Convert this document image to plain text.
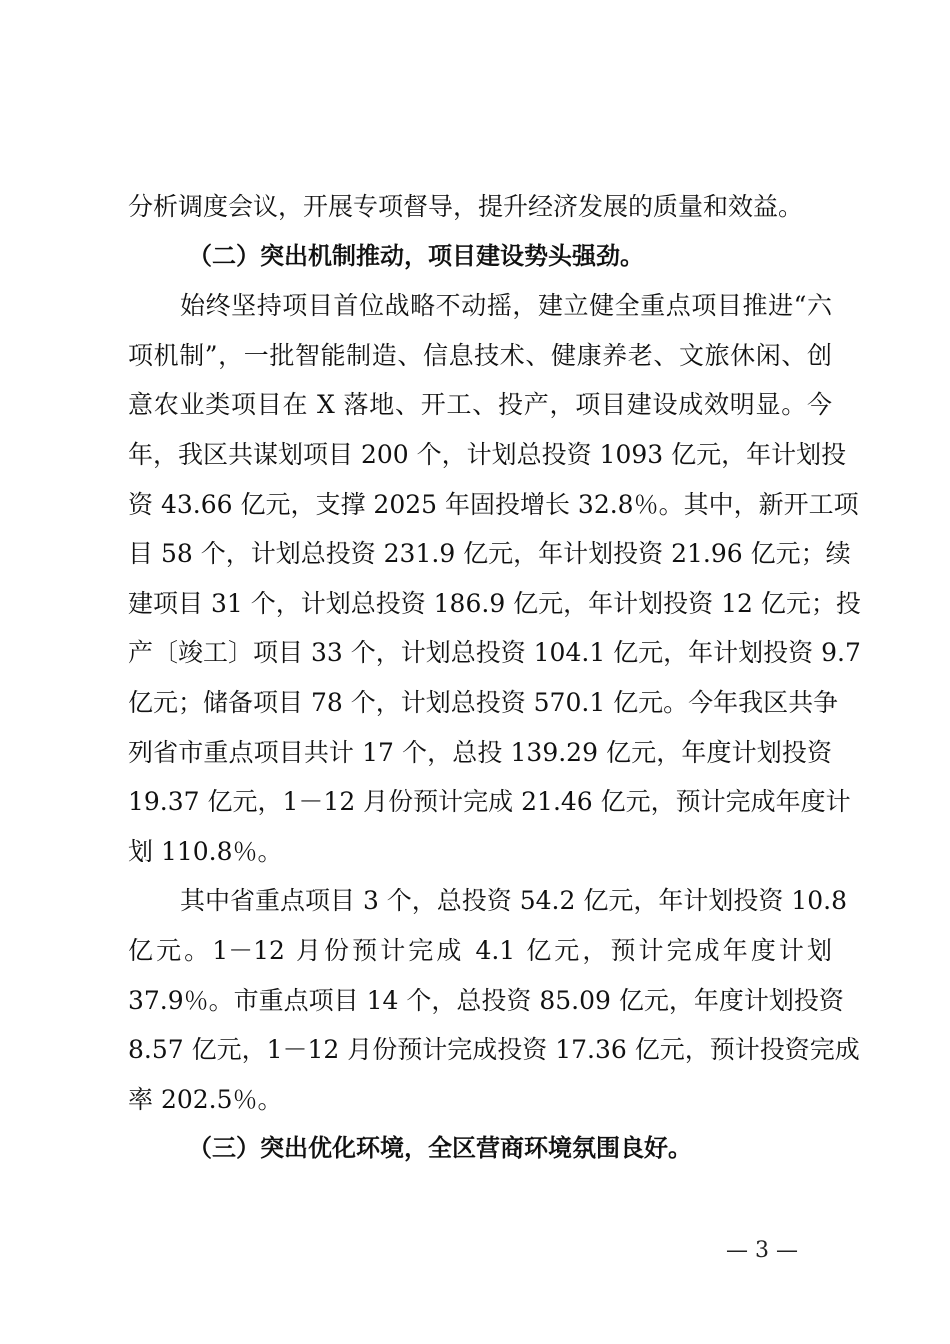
分析调度会议，开展专项督导，提升经济发展的质量和效益。
（二）突出机制推动，项目建设势头强劲。
始终坚持项目首位战略不动摇，建立健全重点项目推进“六
项机制”，一批智能制造、信息技术、健康养老、文旅休闲、创
意农业类项目在 X 落地、开工、投产，项目建设成效明显。今
年，我区共谋划项目 200 个，计划总投资 1093 亿元，年计划投
资 43.66 亿元，支撑 2025 年固投增长 32.8％。其中，新开工项
目 58 个，计划总投资 231.9 亿元，年计划投资 21.96 亿元；续
建项目 31 个，计划总投资 186.9 亿元，年计划投资 12 亿元；投
产〔竣工〕项目 33 个，计划总投资 104.1 亿元，年计划投资 9.7
亿元；储备项目 78 个，计划总投资 570.1 亿元。今年我区共争
列省市重点项目共计 17 个，总投 139.29 亿元，年度计划投资
19.37 亿元，1－12 月份预计完成 21.46 亿元，预计完成年度计
划 110.8％。
其中省重点项目 3 个，总投资 54.2 亿元，年计划投资 10.8
亿元。1－12 月份预计完成 4.1 亿元，预计完成年度计划
37.9％。市重点项目 14 个，总投资 85.09 亿元，年度计划投资
8.57 亿元，1－12 月份预计完成投资 17.36 亿元，预计投资完成
率 202.5％。
（三）突出优化环境，全区营商环境氛围良好。
— 3 —
